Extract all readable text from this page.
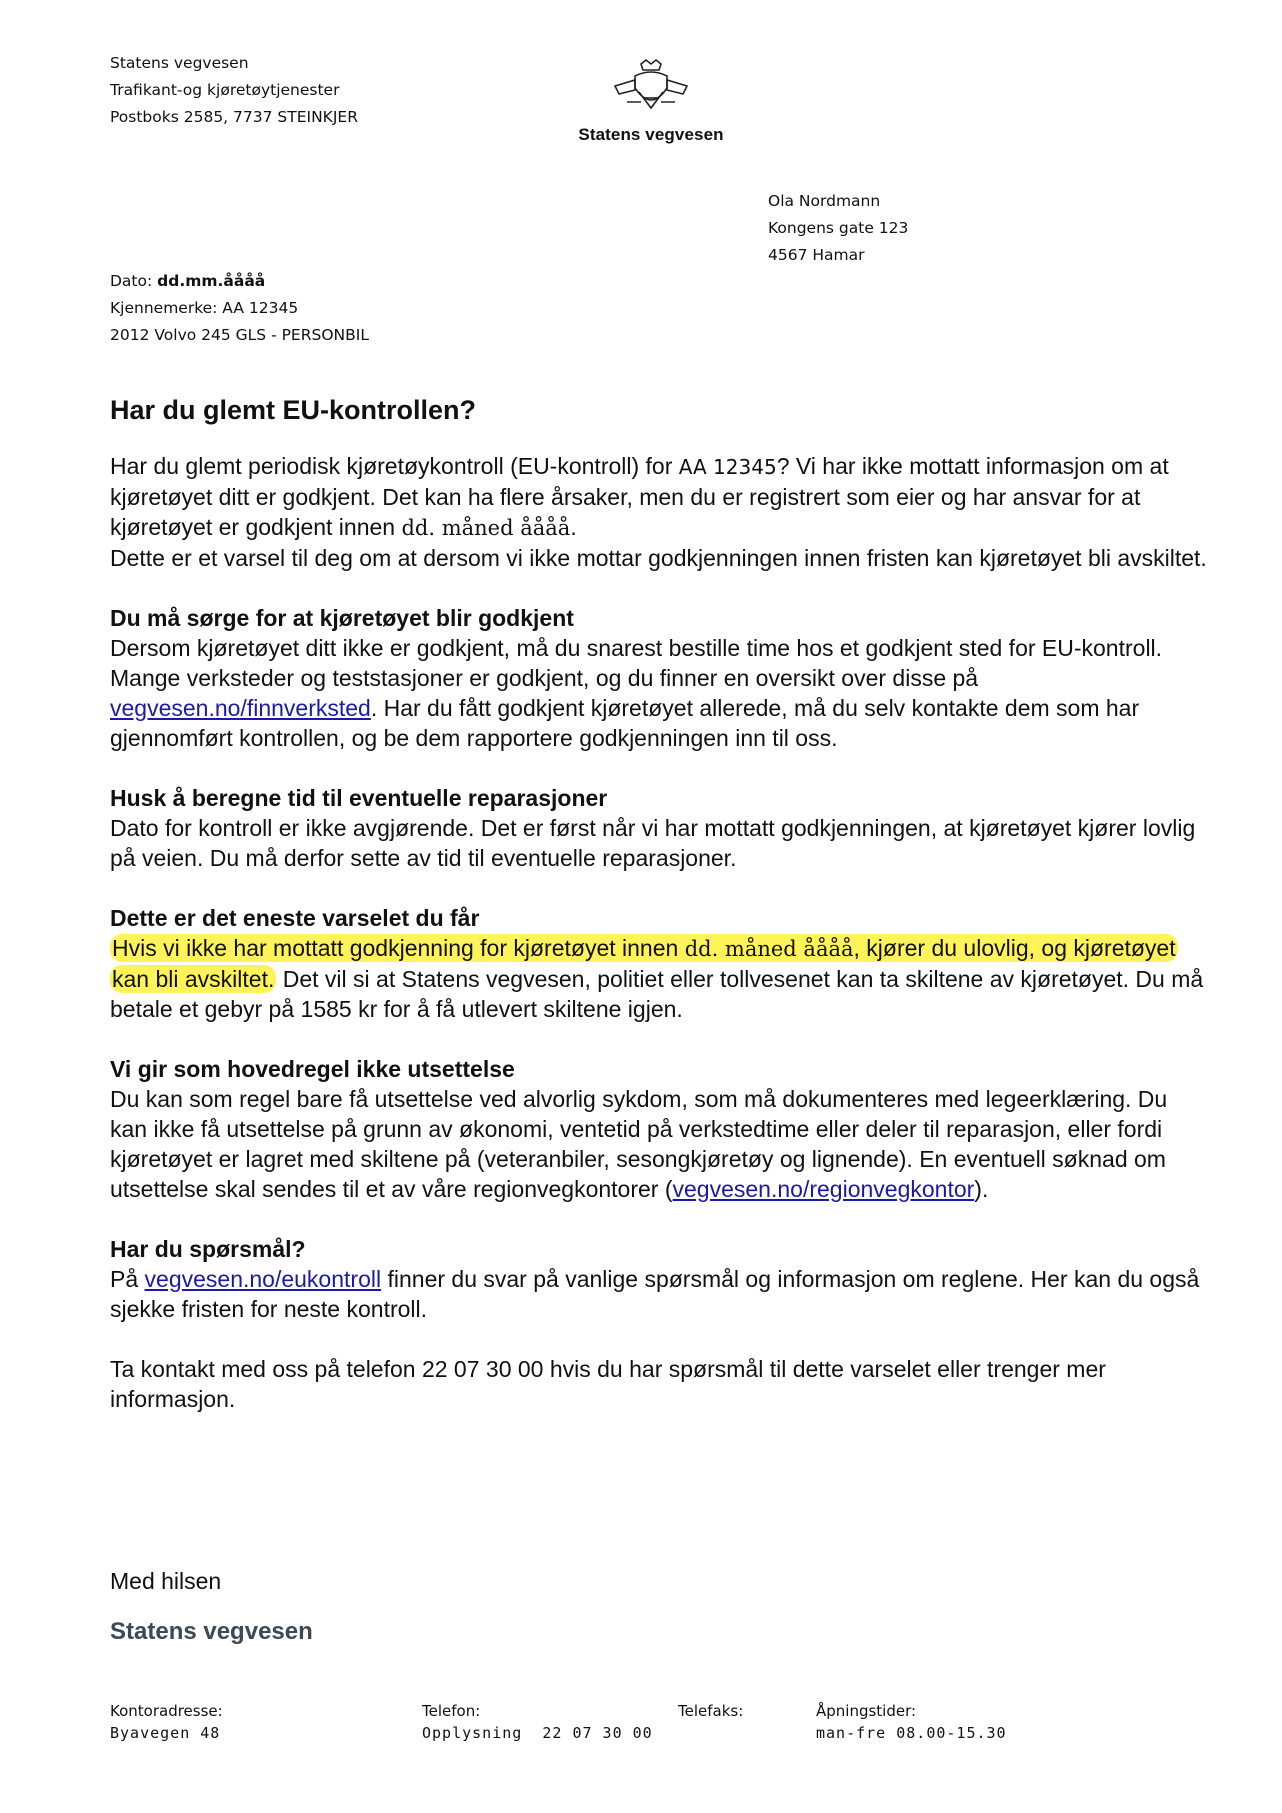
Statens vegvesen
Trafikant-og kjøretøytjenester
Postboks 2585, 7737 STEINKJER
Statens vegvesen
Ola Nordmann
Kongens gate 123
4567 Hamar
Dato: dd.mm.åååå
Kjennemerke: AA 12345
2012 Volvo 245 GLS - PERSONBIL
Har du glemt EU-kontrollen?

Har du glemt periodisk kjøretøykontroll (EU-kontroll) for AA 12345? Vi har ikke mottatt informasjon om at kjøretøyet ditt er godkjent. Det kan ha flere årsaker, men du er registrert som eier og har ansvar for at kjøretøyet er godkjent innen dd. måned åååå.

Dette er et varsel til deg om at dersom vi ikke mottar godkjenningen innen fristen kan kjøretøyet bli avskiltet.

Du må sørge for at kjøretøyet blir godkjent

Dersom kjøretøyet ditt ikke er godkjent, må du snarest bestille time hos et godkjent sted for EU-kontroll. Mange verksteder og teststasjoner er godkjent, og du finner en oversikt over disse på vegvesen.no/finnverksted. Har du fått godkjent kjøretøyet allerede, må du selv kontakte dem som har gjennomført kontrollen, og be dem rapportere godkjenningen inn til oss.

Husk å beregne tid til eventuelle reparasjoner

Dato for kontroll er ikke avgjørende. Det er først når vi har mottatt godkjenningen, at kjøretøyet kjører lovlig på veien. Du må derfor sette av tid til eventuelle reparasjoner.

Dette er det eneste varselet du får

Hvis vi ikke har mottatt godkjenning for kjøretøyet innen dd. måned åååå, kjører du ulovlig, og kjøretøyet kan bli avskiltet. Det vil si at Statens vegvesen, politiet eller tollvesenet kan ta skiltene av kjøretøyet. Du må betale et gebyr på 1585 kr for å få utlevert skiltene igjen.

Vi gir som hovedregel ikke utsettelse

Du kan som regel bare få utsettelse ved alvorlig sykdom, som må dokumenteres med legeerklæring. Du kan ikke få utsettelse på grunn av økonomi, ventetid på verkstedtime eller deler til reparasjon, eller fordi kjøretøyet er lagret med skiltene på (veteranbiler, sesongkjøretøy og lignende). En eventuell søknad om utsettelse skal sendes til et av våre regionvegkontorer (vegvesen.no/regionvegkontor).

Har du spørsmål?

På vegvesen.no/eukontroll finner du svar på vanlige spørsmål og informasjon om reglene. Her kan du også sjekke fristen for neste kontroll.

Ta kontakt med oss på telefon 22 07 30 00 hvis du har spørsmål til dette varselet eller trenger mer informasjon.

Med hilsen
Statens vegvesen
Kontoradresse:
Byavegen 48
Telefon:
Opplysning  22 07 30 00
Telefaks:	Åpningstider:
man-fre 08.00-15.30
